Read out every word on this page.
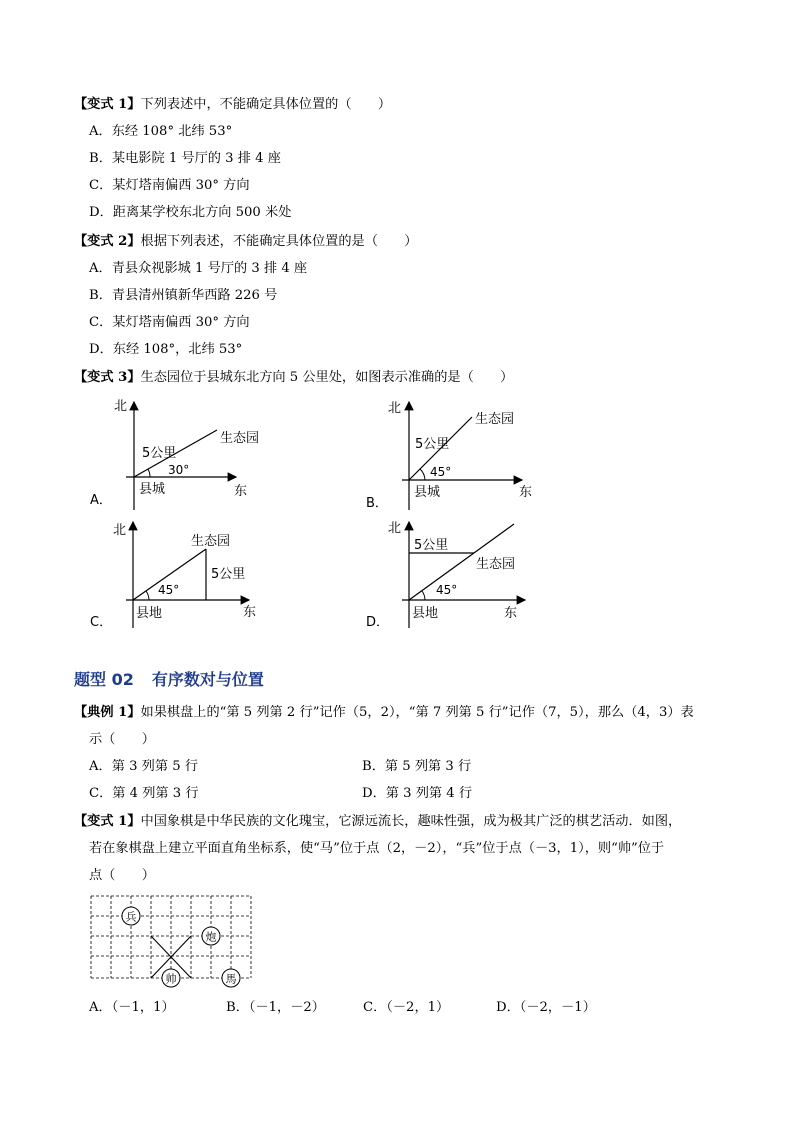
【变式 1】下列表述中，不能确定具体位置的（　　）
A．东经 108° 北纬 53°
B．某电影院 1 号厅的 3 排 4 座
C．某灯塔南偏西 30° 方向
D．距离某学校东北方向 500 米处
【变式 2】根据下列表述，不能确定具体位置的是（　　）
A．青县众视影城 1 号厅的 3 排 4 座
B．青县清州镇新华西路 226 号
C．某灯塔南偏西 30° 方向
D．东经 108°，北纬 53°
【变式 3】生态园位于县城东北方向 5 公里处，如图表示准确的是（　　）
A．
北
东
县城
5公里
30°
生态园
B．
北
东
县城
5公里
45°
生态园
C．
北
东
县地
5公里
45°
生态园
D．
北
东
县地
5公里
45°
生态园
题型 02 有序数对与位置
【典例 1】如果棋盘上的“第 5 列第 2 行”记作（5，2），“第 7 列第 5 行”记作（7，5），那么（4，3）表
示（　　）
A．第 3 列第 5 行	B．第 5 列第 3 行
C．第 4 列第 3 行	D．第 3 列第 4 行
【变式 1】中国象棋是中华民族的文化瑰宝，它源远流长，趣味性强，成为极其广泛的棋艺活动．如图，
若在象棋盘上建立平面直角坐标系，使“马”位于点（2，－2），“兵”位于点（－3，1），则“帅”位于
点（　　）
兵
炮
帅	馬
A．（－1，1）	B．（－1，－2）	C．（－2，1）	D．（－2，－1）
